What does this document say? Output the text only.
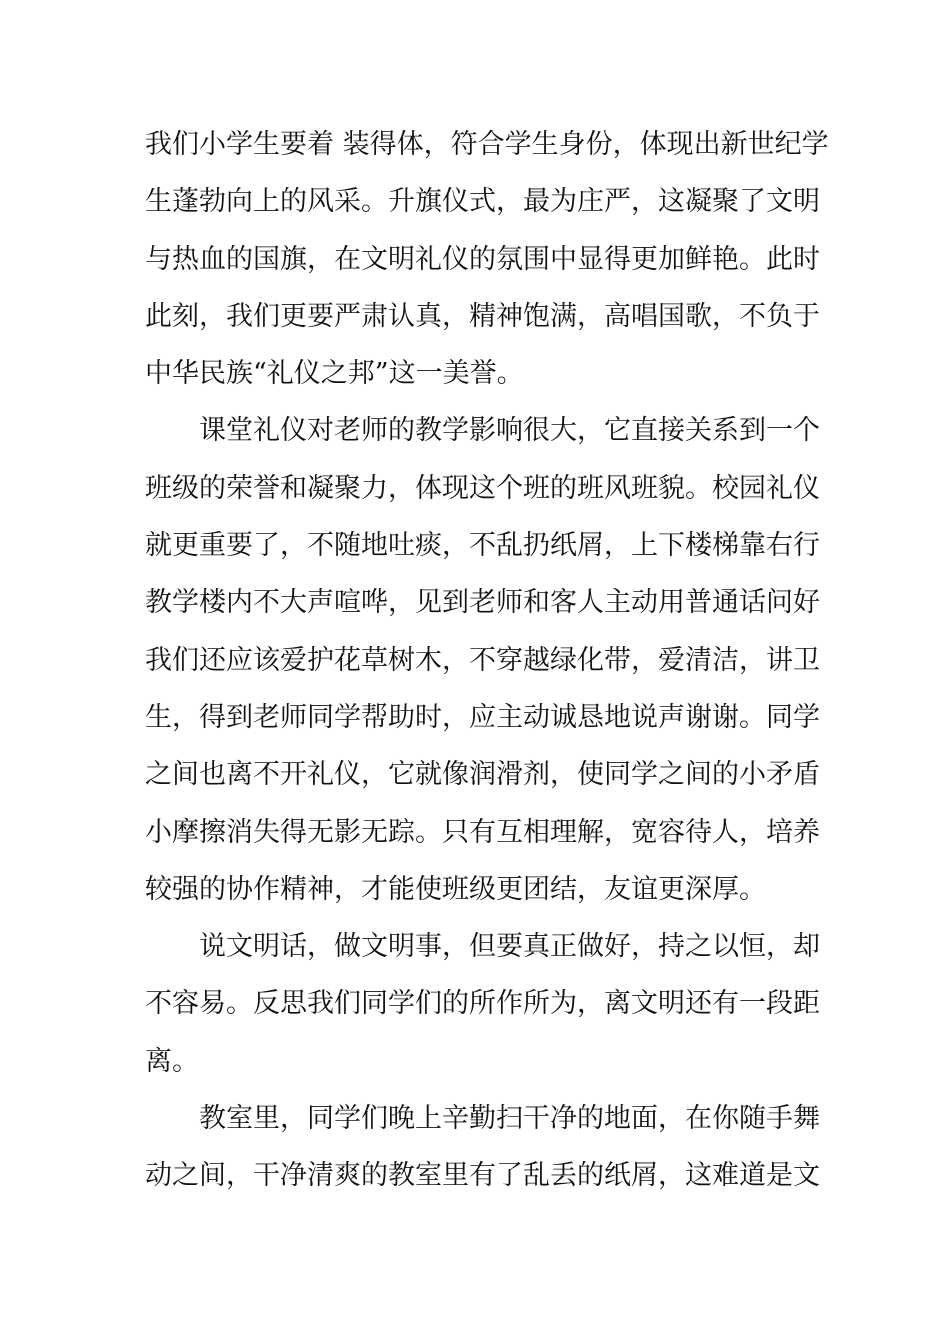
我们小学生要着 装得体，符合学生身份，体现出新世纪学
生蓬勃向上的风采。升旗仪式，最为庄严，这凝聚了文明
与热血的国旗，在文明礼仪的氛围中显得更加鲜艳。此时
此刻，我们更要严肃认真，精神饱满，高唱国歌，不负于
中华民族“礼仪之邦”这一美誉。
课堂礼仪对老师的教学影响很大，它直接关系到一个
班级的荣誉和凝聚力，体现这个班的班风班貌。校园礼仪
就更重要了，不随地吐痰，不乱扔纸屑，上下楼梯靠右行
教学楼内不大声喧哗，见到老师和客人主动用普通话问好
我们还应该爱护花草树木，不穿越绿化带，爱清洁，讲卫
生，得到老师同学帮助时，应主动诚恳地说声谢谢。同学
之间也离不开礼仪，它就像润滑剂，使同学之间的小矛盾
小摩擦消失得无影无踪。只有互相理解，宽容待人，培养
较强的协作精神，才能使班级更团结，友谊更深厚。
说文明话，做文明事，但要真正做好，持之以恒，却
不容易。反思我们同学们的所作所为，离文明还有一段距
离。
教室里，同学们晚上辛勤扫干净的地面，在你随手舞
动之间，干净清爽的教室里有了乱丢的纸屑，这难道是文
